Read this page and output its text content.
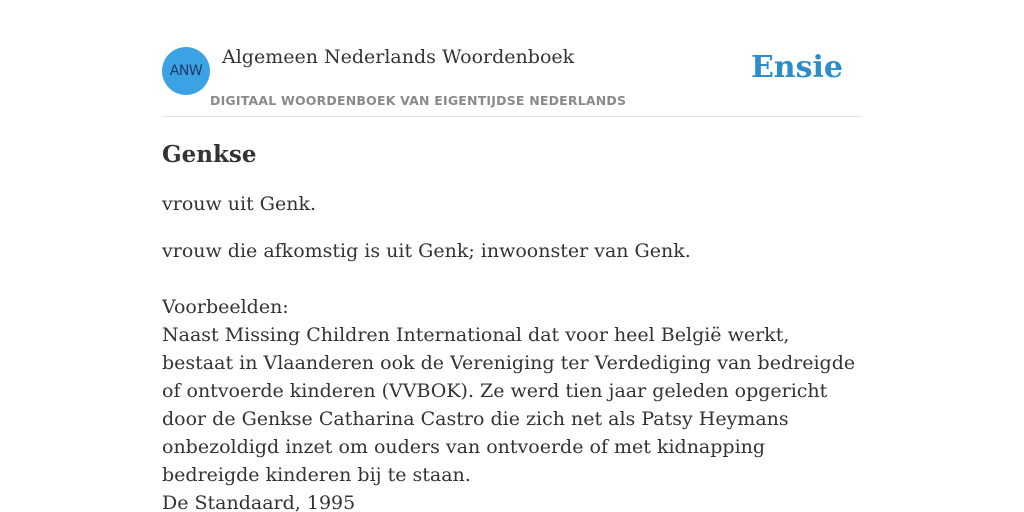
ANW
Algemeen Nederlands Woordenboek
DIGITAAL WOORDENBOEK VAN EIGENTIJDSE NEDERLANDS
Ensie
Genkse
vrouw uit Genk.
vrouw die afkomstig is uit Genk; inwoonster van Genk.
Voorbeelden:
Naast Missing Children International dat voor heel België werkt, bestaat in Vlaanderen ook de Vereniging ter Verdediging van bedreigde of ontvoerde kinderen (VVBOK). Ze werd tien jaar geleden opgericht door de Genkse Catharina Castro die zich net als Patsy Heymans onbezoldigd inzet om ouders van ontvoerde of met kidnapping bedreigde kinderen bij te staan.
De Standaard, 1995
